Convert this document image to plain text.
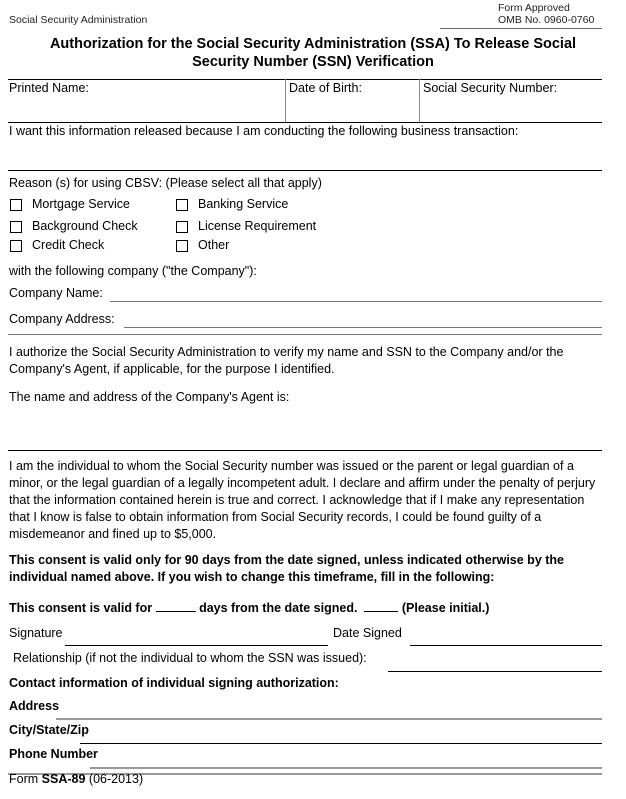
Social Security Administration
Form Approved
OMB No. 0960-0760
Authorization for the Social Security Administration (SSA) To Release Social
Security Number (SSN) Verification
Printed Name:	Date of Birth:	Social Security Number:
I want this information released because I am conducting the following business transaction:
Reason (s) for using CBSV: (Please select all that apply)
Mortgage Service	Banking Service
Background Check	License Requirement
Credit Check	Other
with the following company ("the Company"):
Company Name:
Company Address:
I authorize the Social Security Administration to verify my name and SSN to the Company and/or the Company's Agent, if applicable, for the purpose I identified.
The name and address of the Company's Agent is:
I am the individual to whom the Social Security number was issued or the parent or legal guardian of a minor, or the legal guardian of a legally incompetent adult. I declare and affirm under the penalty of perjury that the information contained herein is true and correct. I acknowledge that if I make any representation that I know is false to obtain information from Social Security records, I could be found guilty of a misdemeanor and fined up to $5,000.
This consent is valid only for 90 days from the date signed, unless indicated otherwise by the individual named above. If you wish to change this timeframe, fill in the following:
This consent is valid for	days from the date signed.	(Please initial.)
Signature	Date Signed
Relationship (if not the individual to whom the SSN was issued):
Contact information of individual signing authorization:
Address
City/State/Zip
Phone Number
Form SSA-89 (06-2013)
